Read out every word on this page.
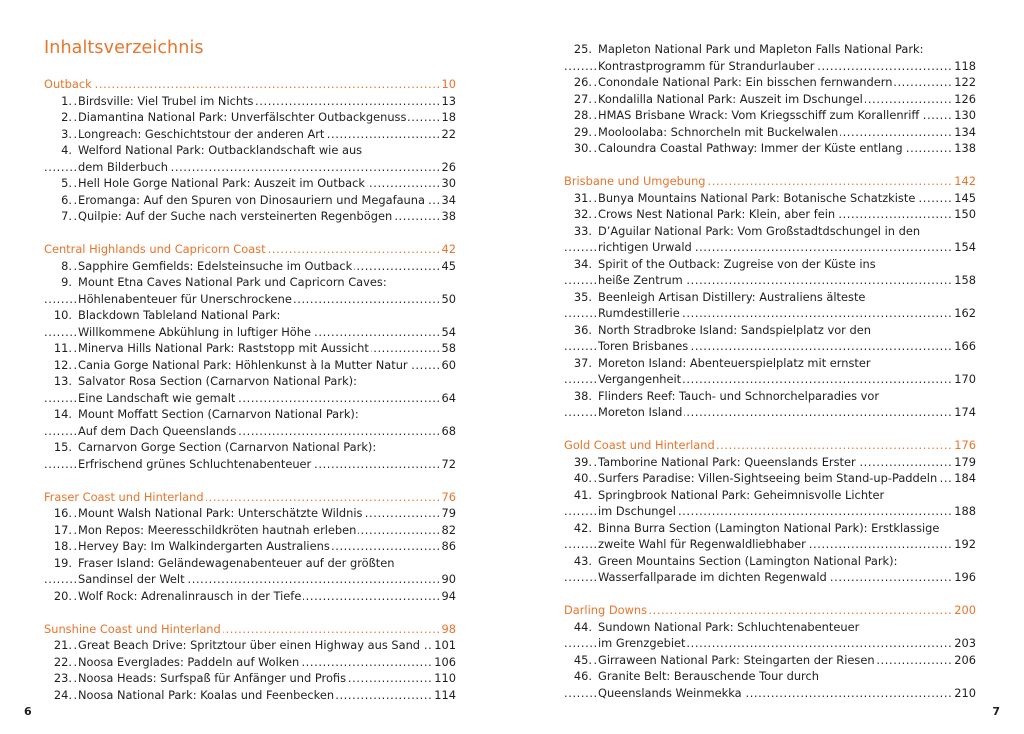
Inhaltsverzeichnis
.....
Outback	10
1. ..... Birdsville: Viel Trubel im Nichts	13
2. ..... Diamantina National Park: Unverfälschter Outbackgenuss	18
3. ..... Longreach: Geschichtstour der anderen Art	22
4. Welford National Park: Outbacklandschaft wie aus
.....
dem Bilderbuch	26
5. ..... Hell Hole Gorge National Park: Auszeit im Outback	30
6. ..... Eromanga: Auf den Spuren von Dinosauriern und Megafauna 34
7. ..... Quilpie: Auf der Suche nach versteinerten Regenbögen	38
.....
Central Highlands und Capricorn Coast	42
8. ..... Sapphire Gemfields: Edelsteinsuche im Outback	45
9. Mount Etna Caves National Park und Capricorn Caves:
.....
Höhlenabenteuer für Unerschrockene	50
10. Blackdown Tableland National Park:
.....
Willkommene Abkühlung in luftiger Höhe	54
11. ..... Minerva Hills National Park: Raststopp mit Aussicht	58
12. ..... Cania Gorge National Park: Höhlenkunst à la Mutter Natur	60
13. Salvator Rosa Section (Carnarvon National Park):
.....
Eine Landschaft wie gemalt	64
14. Mount Moffatt Section (Carnarvon National Park):
.....
Auf dem Dach Queenslands	68
15. Carnarvon Gorge Section (Carnarvon National Park):
.....
Erfrischend grünes Schluchtenabenteuer	72
.....
Fraser Coast und Hinterland	76
16. ..... Mount Walsh National Park: Unterschätzte Wildnis	79
17. ..... Mon Repos: Meeresschildkröten hautnah erleben	82
18. ..... Hervey Bay: Im Walkindergarten Australiens	86
19. Fraser Island: Geländewagenabenteuer auf der größten
.....
Sandinsel der Welt	90
20. ..... Wolf Rock: Adrenalinrausch in der Tiefe	94
.....
Sunshine Coast und Hinterland	98
21. ..... Great Beach Drive: Spritztour über einen Highway aus Sand 101
22. ..... Noosa Everglades: Paddeln auf Wolken	106
23. ..... Noosa Heads: Surfspaß für Anfänger und Profis	110
24. ..... Noosa National Park: Koalas und Feenbecken	114
6
25. Mapleton National Park und Mapleton Falls National Park:
.....
Kontrastprogramm für Strandurlauber	118
26. ..... Conondale National Park: Ein bisschen fernwandern	122
27. ..... Kondalilla National Park: Auszeit im Dschungel	126
28. ..... HMAS Brisbane Wrack: Vom Kriegsschiff zum Korallenriff	130
29. ..... Mooloolaba: Schnorcheln mit Buckelwalen	134
30. ..... Caloundra Coastal Pathway: Immer der Küste entlang	138
.....
Brisbane und Umgebung	142
31. ..... Bunya Mountains National Park: Botanische Schatzkiste	145
32. ..... Crows Nest National Park: Klein, aber fein	150
33. D’Aguilar National Park: Vom Großstadtdschungel in den
.....
richtigen Urwald	154
34. Spirit of the Outback: Zugreise von der Küste ins
.....
heiße Zentrum	158
35. Beenleigh Artisan Distillery: Australiens älteste
.....
Rumdestillerie	162
36. North Stradbroke Island: Sandspielplatz vor den
.....
Toren Brisbanes	166
37. Moreton Island: Abenteuerspielplatz mit ernster
.....
Vergangenheit	170
38. Flinders Reef: Tauch- und Schnorchelparadies vor
.....
Moreton Island	174
.....
Gold Coast und Hinterland	176
39. ..... Tamborine National Park: Queenslands Erster	179
40. ..... Surfers Paradise: Villen-Sightseeing beim Stand-up-Paddeln 184
41. Springbrook National Park: Geheimnisvolle Lichter
.....
im Dschungel	188
42. Binna Burra Section (Lamington National Park): Erstklassige
.....
zweite Wahl für Regenwaldliebhaber	192
43. Green Mountains Section (Lamington National Park):
.....
Wasserfallparade im dichten Regenwald	196
.....
Darling Downs	200
44. Sundown National Park: Schluchtenabenteuer
.....
im Grenzgebiet	203
45. ..... Girraween National Park: Steingarten der Riesen	206
46. Granite Belt: Berauschende Tour durch
.....
Queenslands Weinmekka	210
7
